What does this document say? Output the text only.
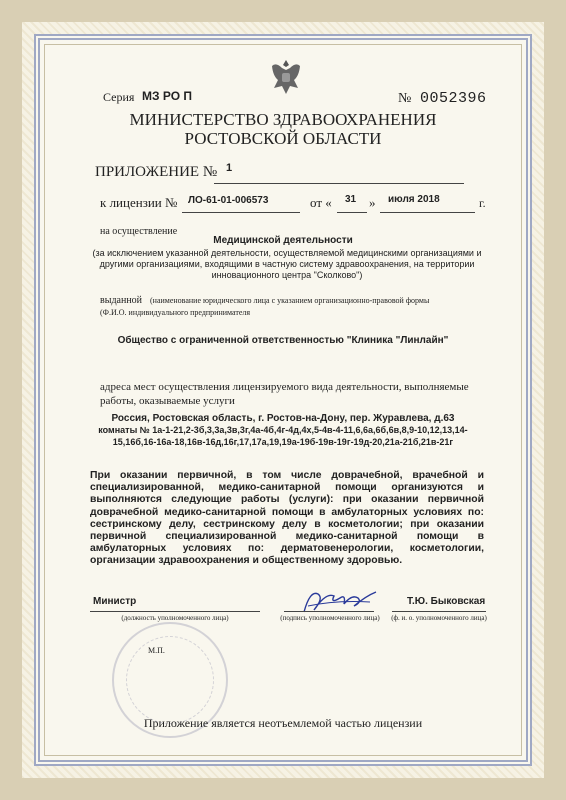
Серия МЗ РО П	№ 0052396

МИНИСТЕРСТВО ЗДРАВООХРАНЕНИЯ

РОСТОВСКОЙ ОБЛАСТИ

ПРИЛОЖЕНИЕ № 1

к лицензии № ЛО-61-01-006573	от « 31 » июля 2018	г.

на осуществление

Медицинской деятельности

(за исключением указанной деятельности, осуществляемой медицинскими организациями и другими организациями, входящими в частную систему здравоохранения, на территории инновационного центра "Сколково")

выданной (наименование юридического лица с указанием организационно-правовой формы

(Ф.И.О. индивидуального предпринимателя

Общество с ограниченной ответственностью "Клиника "Линлайн"

адреса мест осуществления лицензируемого вида деятельности, выполняемые

работы, оказываемые услуги

Россия, Ростовская область, г. Ростов-на-Дону, пер. Журавлева, д.63

комнаты № 1а-1-21,2-3б,3,3а,3в,3г,4а-4б,4г-4д,4х,5-4в-4-11,6,6а,6б,6в,8,9-10,12,13,14-

15,16б,16-16а-18,16в-16д,16г,17,17а,19,19а-19б-19в-19г-19д-20,21а-21б,21в-21г

При оказании первичной, в том числе доврачебной, врачебной и специализированной, медико-санитарной помощи организуются и выполняются следующие работы (услуги): при оказании первичной доврачебной медико-санитарной помощи в амбулаторных условиях по: сестринскому делу, сестринскому делу в косметологии; при оказании первичной специализированной медико-санитарной помощи в амбулаторных условиях по: дерматовенерологии, косметологии, организации здравоохранения и общественному здоровью.

Министр

(должность уполномоченного лица)	(подпись уполномоченного лица)

Т.Ю. Быковская

(ф. и. о. уполномоченного лица)

М.П.

Приложение является неотъемлемой частью лицензии
